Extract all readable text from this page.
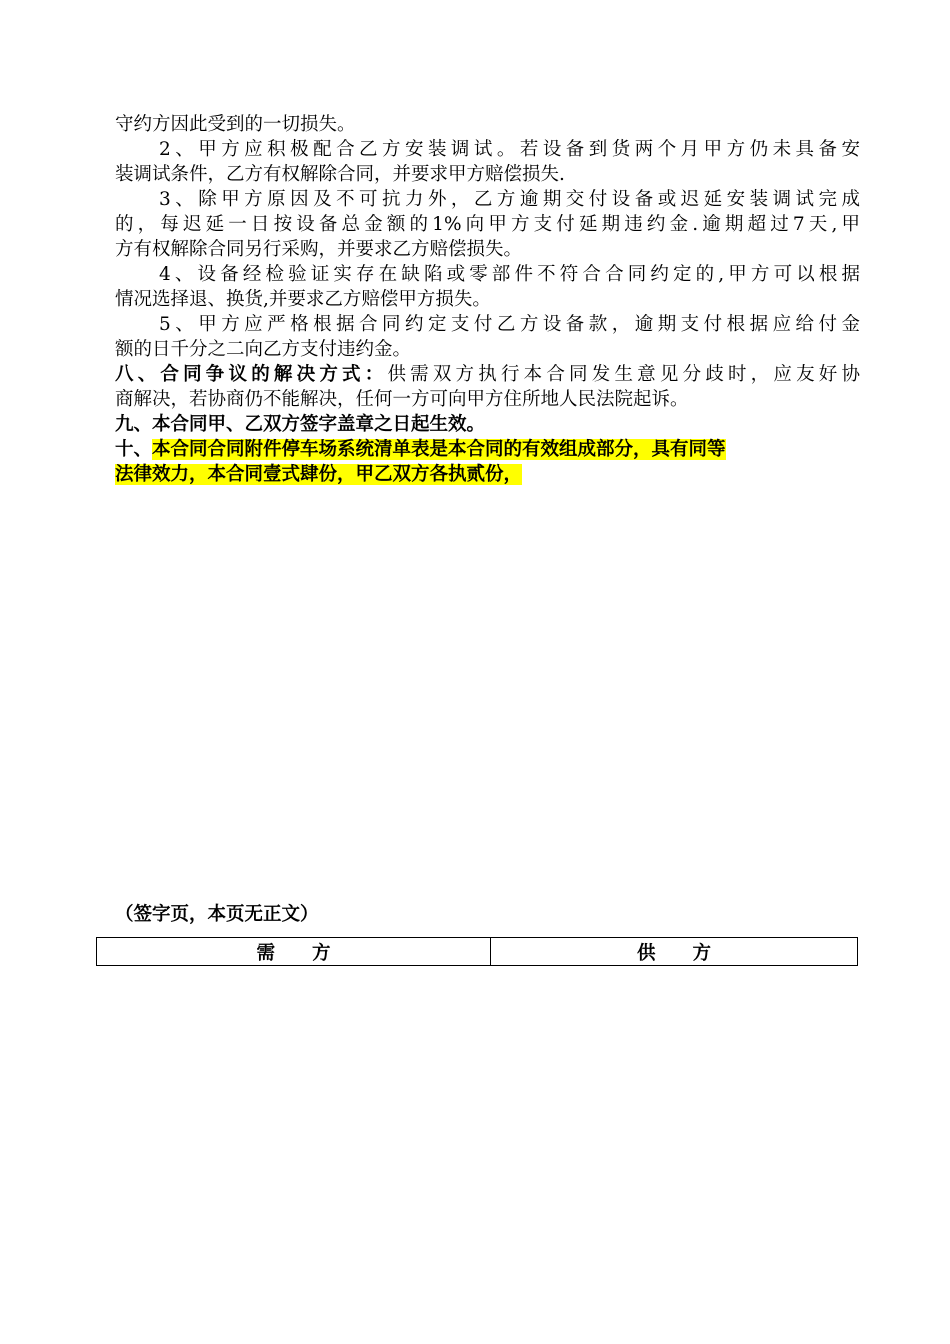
守约方因此受到的一切损失。
2、甲方应积极配合乙方安装调试。若设备到货两个月甲方仍未具备安
装调试条件，乙方有权解除合同，并要求甲方赔偿损失.
3、除甲方原因及不可抗力外，乙方逾期交付设备或迟延安装调试完成
的，每迟延一日按设备总金额的1%向甲方支付延期违约金.逾期超过7天,甲
方有权解除合同另行采购，并要求乙方赔偿损失。
4、设备经检验证实存在缺陷或零部件不符合合同约定的,甲方可以根据
情况选择退、换货,并要求乙方赔偿甲方损失。
5、甲方应严格根据合同约定支付乙方设备款，逾期支付根据应给付金
额的日千分之二向乙方支付违约金。
八、合同争议的解决方式：供需双方执行本合同发生意见分歧时，应友好协
商解决，若协商仍不能解决，任何一方可向甲方住所地人民法院起诉。
九、本合同甲、乙双方签字盖章之日起生效。
十、本合同合同附件停车场系统清单表是本合同的有效组成部分，具有同等
法律效力，本合同壹式肆份，甲乙双方各执贰份，
（签字页，本页无正文）
需　　方	供　　方
